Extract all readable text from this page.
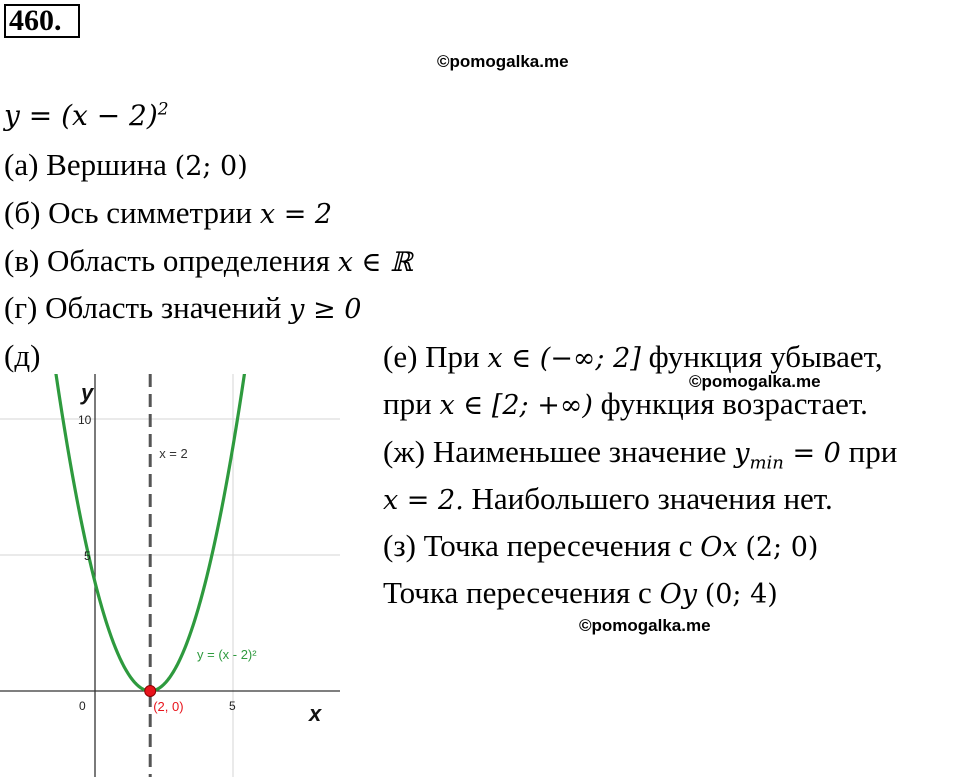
460.
©pomogalka.me
©pomogalka.me
©pomogalka.me
$y = (x - 2)^2$
(а) Вершина (2; 0)
(б) Ось симметрии x = 2
(в) Область определения x ∈ ℝ
(г) Область значений y ≥ 0
(д)	(е) При x ∈ (−∞; 2] функция убывает,
при x ∈ [2; +∞) функция возрастает.
(ж) Наименьшее значение $y_{min} = 0$ при
x = 2. Наибольшего значения нет.
(з) Точка пересечения с Ox (2; 0)
Точка пересечения с Oy (0; 4)
10
5
0	5
y
x
x = 2
y = (x - 2)²
(2, 0)
